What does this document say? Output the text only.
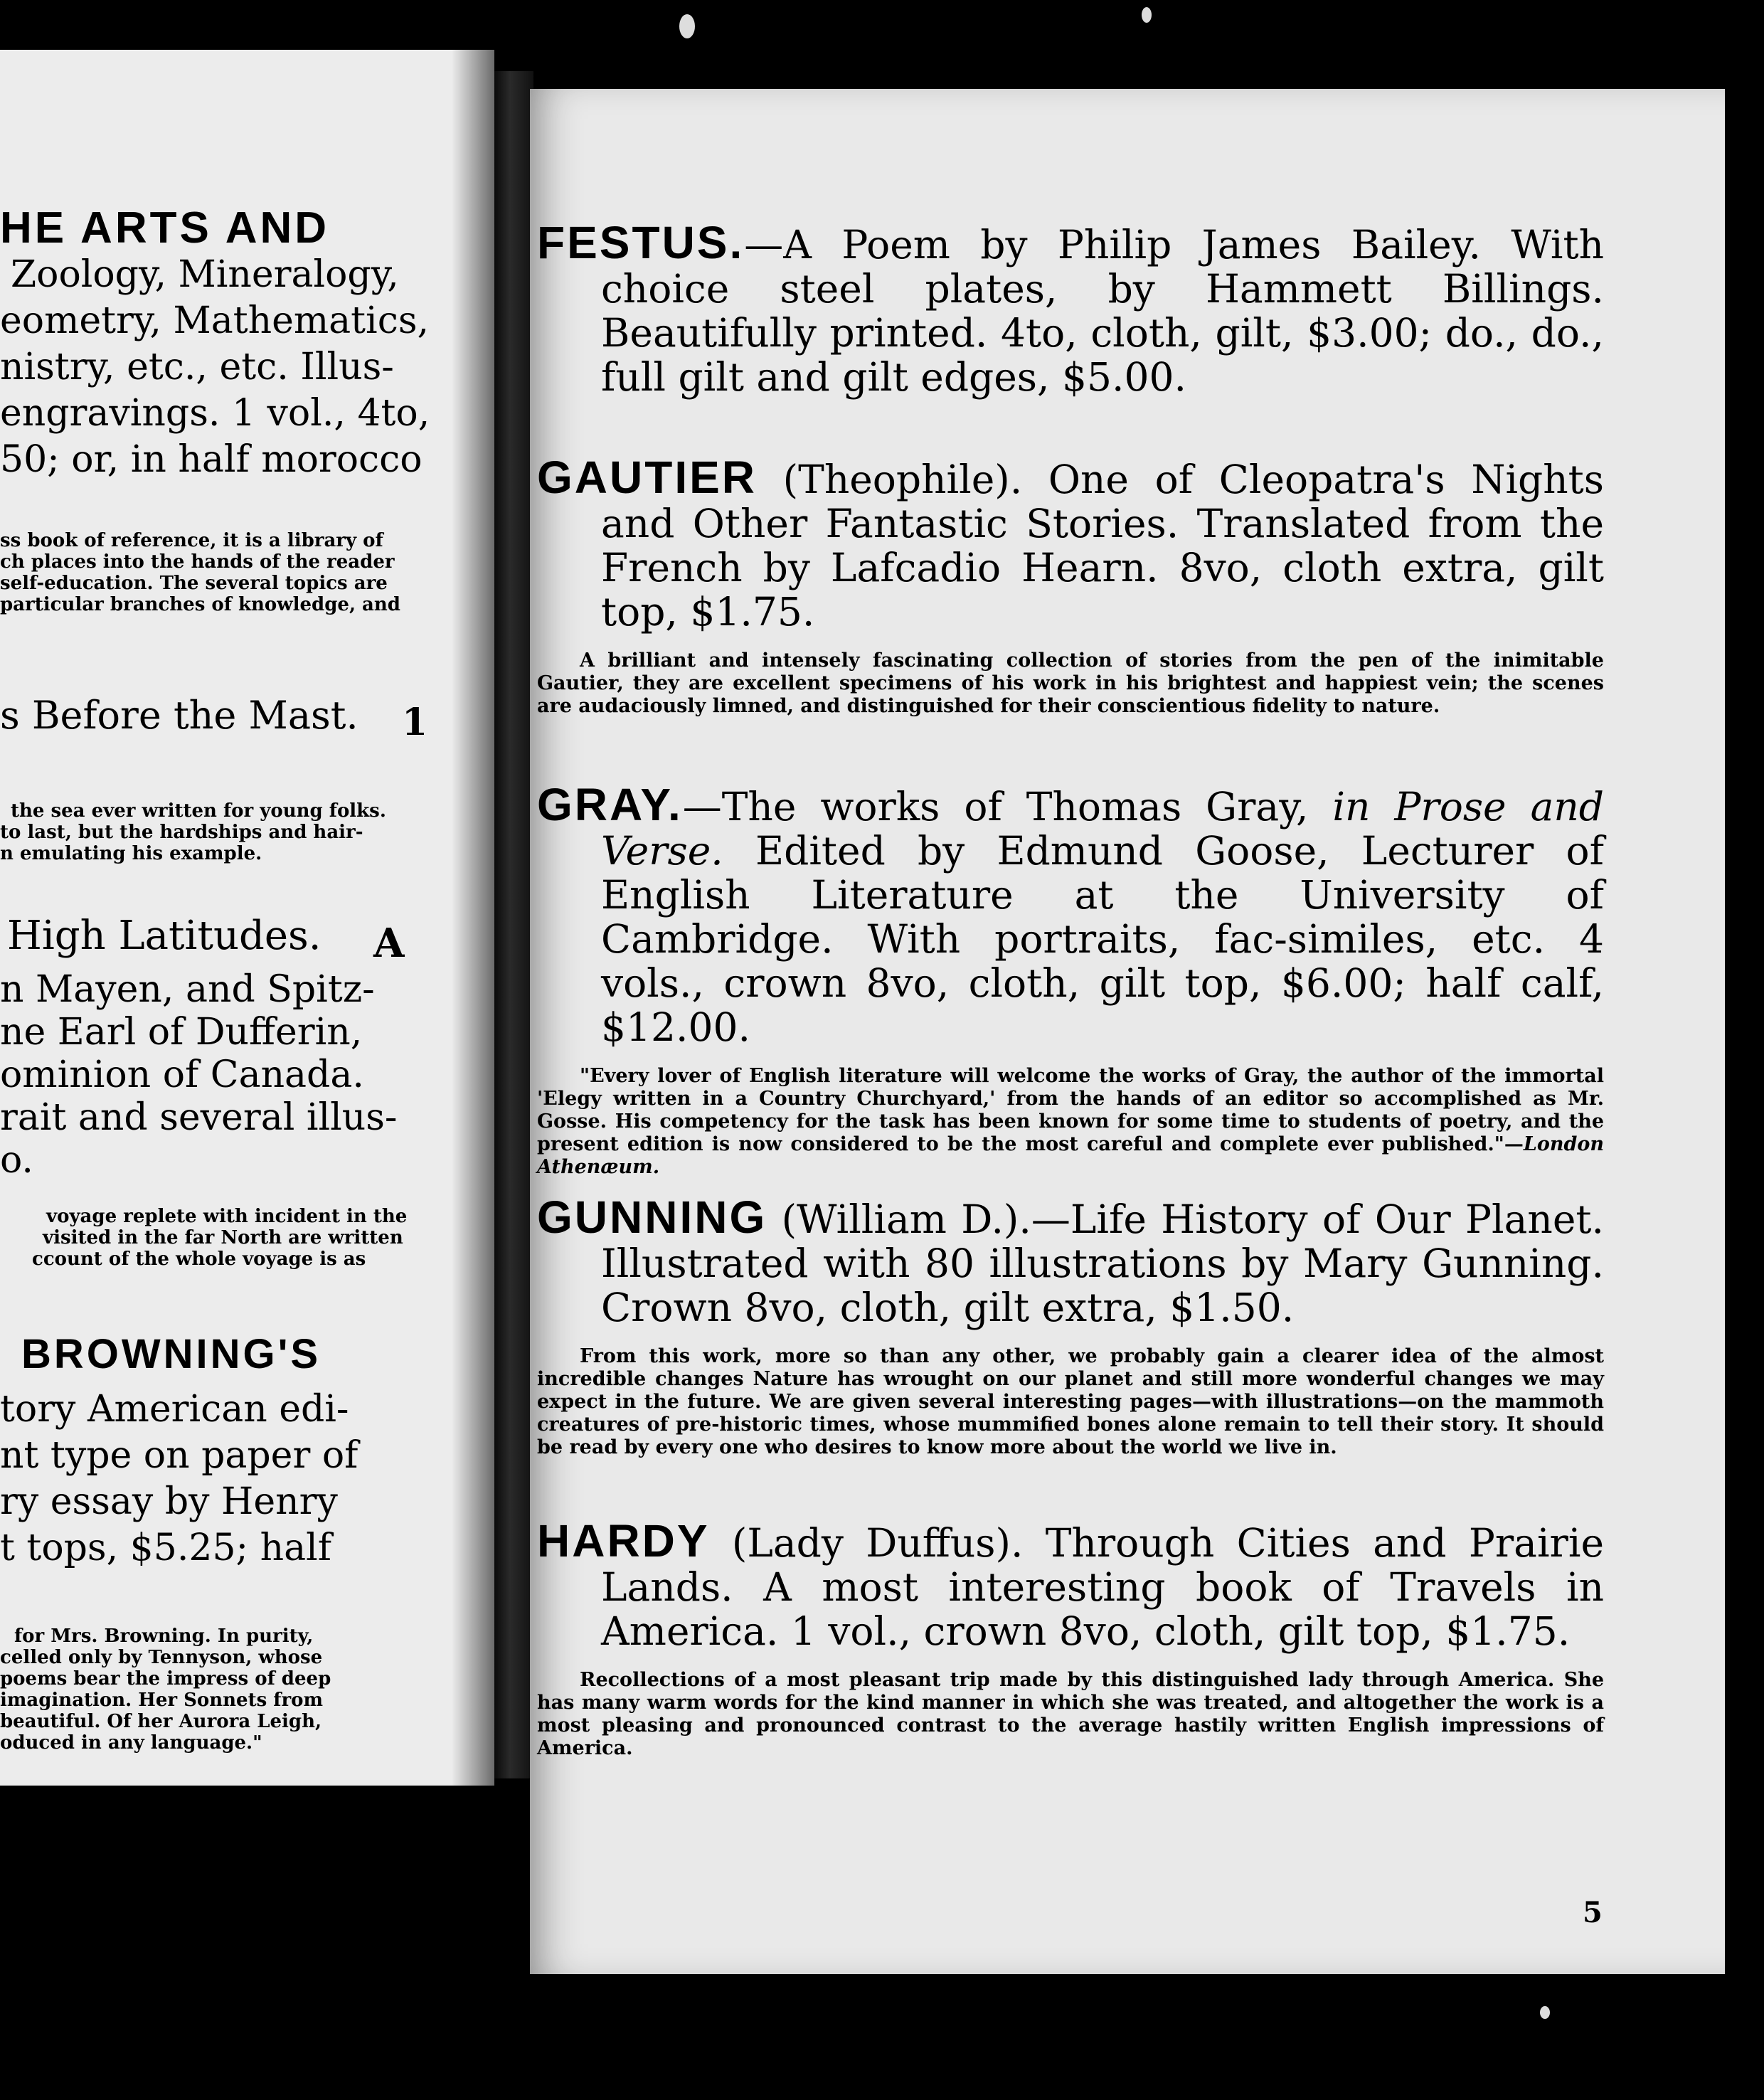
HE ARTS AND
Zoology, Mineralogy,
eometry, Mathematics,
nistry, etc., etc. Illus-
engravings. 1 vol., 4to,
50; or, in half morocco
ss book of reference, it is a library of
ch places into the hands of the reader
self-education. The several topics are
particular branches of knowledge, and
s Before the Mast. 1
the sea ever written for young folks.
to last, but the hardships and hair-
n emulating his example.
High Latitudes. A
n Mayen, and Spitz-
ne Earl of Dufferin,
ominion of Canada.
rait and several illus-
o.
voyage replete with incident in the
visited in the far North are written
ccount of the whole voyage is as
BROWNING'S
tory American edi-
nt type on paper of
ry essay by Henry
t tops, $5.25; half
for Mrs. Browning. In purity,
celled only by Tennyson, whose
poems bear the impress of deep
imagination. Her Sonnets from
beautiful. Of her Aurora Leigh,
oduced in any language."

FESTUS.—A Poem by Philip James Bailey. With choice steel plates, by Hammett Billings. Beautifully printed. 4to, cloth, gilt, $3.00; do., do., full gilt and gilt edges, $5.00.

GAUTIER (Theophile). One of Cleopatra's Nights and Other Fantastic Stories. Translated from the French by Lafcadio Hearn. 8vo, cloth extra, gilt top, $1.75.

A brilliant and intensely fascinating collection of stories from the pen of the inimitable Gautier, they are excellent specimens of his work in his brightest and happiest vein; the scenes are audaciously limned, and distinguished for their conscientious fidelity to nature.

GRAY.—The works of Thomas Gray, in Prose and Verse. Edited by Edmund Goose, Lecturer of English Literature at the University of Cambridge. With portraits, fac-similes, etc. 4 vols., crown 8vo, cloth, gilt top, $6.00; half calf, $12.00.

"Every lover of English literature will welcome the works of Gray, the author of the immortal 'Elegy written in a Country Churchyard,' from the hands of an editor so accomplished as Mr. Gosse. His competency for the task has been known for some time to students of poetry, and the present edition is now considered to be the most careful and complete ever published."—London Athenæum.

GUNNING (William D.).—Life History of Our Planet. Illustrated with 80 illustrations by Mary Gunning. Crown 8vo, cloth, gilt extra, $1.50.

From this work, more so than any other, we probably gain a clearer idea of the almost incredible changes Nature has wrought on our planet and still more wonderful changes we may expect in the future. We are given several interesting pages—with illustrations—on the mammoth creatures of pre-historic times, whose mummified bones alone remain to tell their story. It should be read by every one who desires to know more about the world we live in.

HARDY (Lady Duffus). Through Cities and Prairie Lands. A most interesting book of Travels in America. 1 vol., crown 8vo, cloth, gilt top, $1.75.

Recollections of a most pleasant trip made by this distinguished lady through America. She has many warm words for the kind manner in which she was treated, and altogether the work is a most pleasing and pronounced contrast to the average hastily written English impressions of America.

5
